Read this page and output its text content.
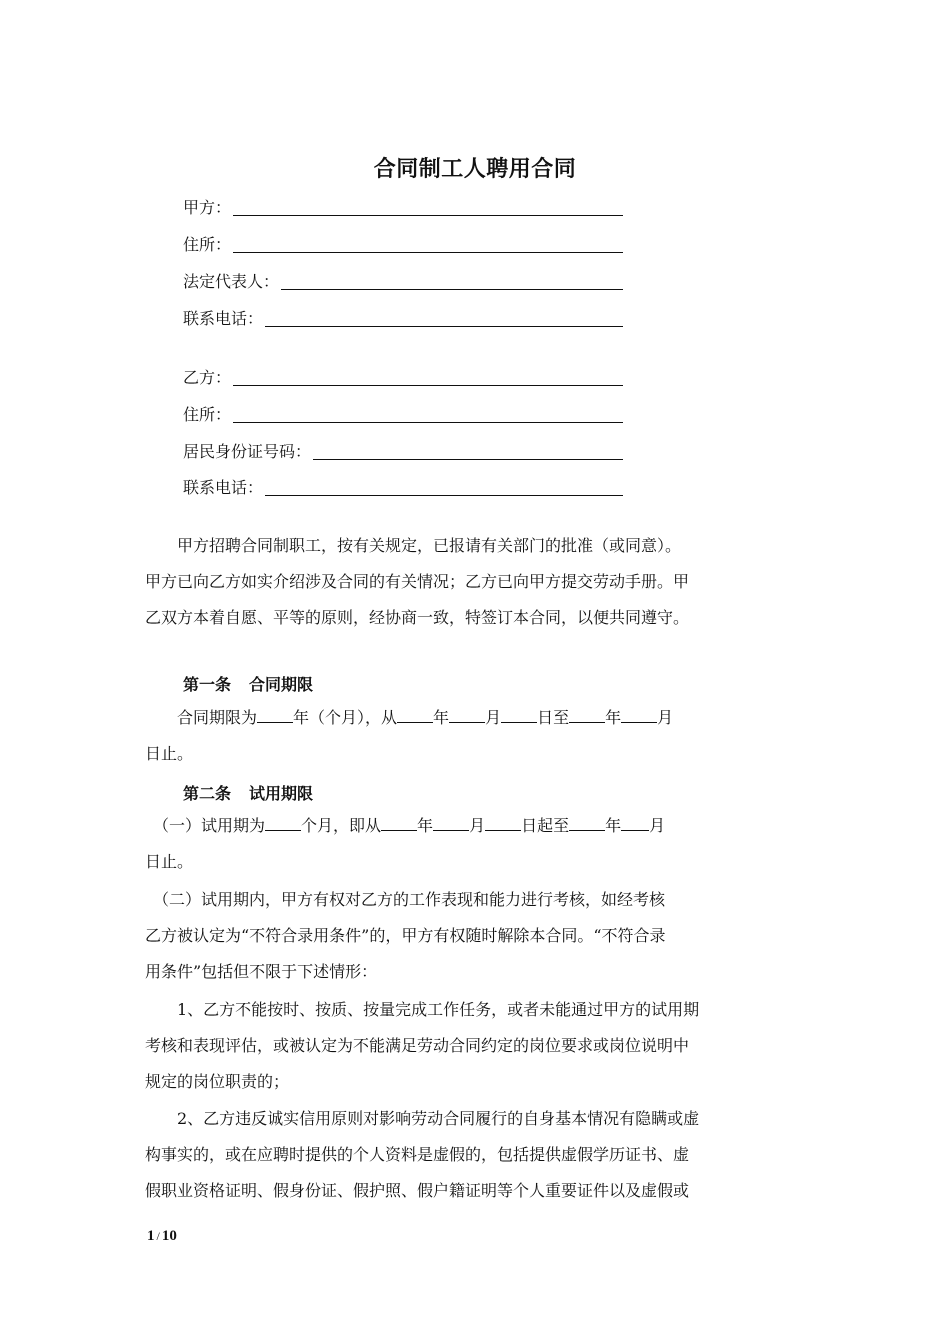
合同制工人聘用合同
甲方：
住所：
法定代表人：
联系电话：
乙方：
住所：
居民身份证号码：
联系电话：

　　甲方招聘合同制职工，按有关规定，已报请有关部门的批准（或同意）。
甲方已向乙方如实介绍涉及合同的有关情况；乙方已向甲方提交劳动手册。甲
乙双方本着自愿、平等的原则，经协商一致，特签订本合同，以便共同遵守。

第一条 合同期限

　　合同期限为 年（个月），从 年 月 日至 年 月
日止。

第二条 试用期限

　（一）试用期为 个月，即从 年 月 日起至 年 月
日止。

　（二）试用期内，甲方有权对乙方的工作表现和能力进行考核，如经考核
乙方被认定为“不符合录用条件”的，甲方有权随时解除本合同。“不符合录
用条件”包括但不限于下述情形：

　　1、乙方不能按时、按质、按量完成工作任务，或者未能通过甲方的试用期
考核和表现评估，或被认定为不能满足劳动合同约定的岗位要求或岗位说明中
规定的岗位职责的；

　　2、乙方违反诚实信用原则对影响劳动合同履行的自身基本情况有隐瞒或虚
构事实的，或在应聘时提供的个人资料是虚假的，包括提供虚假学历证书、虚
假职业资格证明、假身份证、假护照、假户籍证明等个人重要证件以及虚假或

1 / 10
